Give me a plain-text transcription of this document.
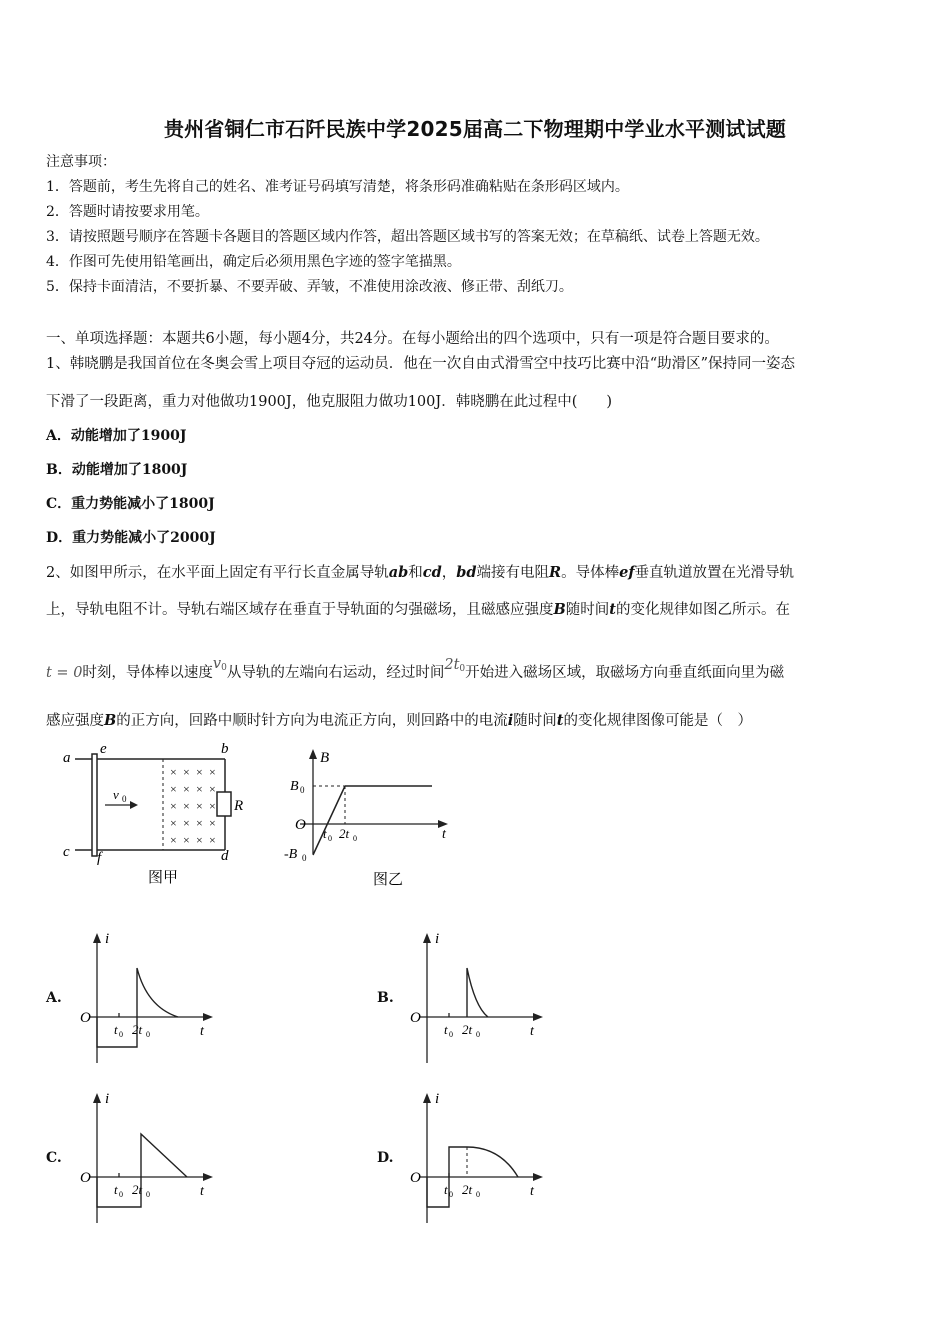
贵州省铜仁市石阡民族中学2025届高二下物理期中学业水平测试试题
注意事项：
1．答题前，考生先将自己的姓名、准考证号码填写清楚，将条形码准确粘贴在条形码区域内。
2．答题时请按要求用笔。
3．请按照题号顺序在答题卡各题目的答题区域内作答，超出答题区域书写的答案无效；在草稿纸、试卷上答题无效。
4．作图可先使用铅笔画出，确定后必须用黑色字迹的签字笔描黑。
5．保持卡面清洁，不要折暴、不要弄破、弄皱，不准使用涂改液、修正带、刮纸刀。
一、单项选择题：本题共6小题，每小题4分，共24分。在每小题给出的四个选项中，只有一项是符合题目要求的。
1、韩晓鹏是我国首位在冬奥会雪上项目夺冠的运动员．他在一次自由式滑雪空中技巧比赛中沿“助滑区”保持同一姿态
下滑了一段距离，重力对他做功1900J，他克服阻力做功100J．韩晓鹏在此过程中(　　)
A．动能增加了1900J
B．动能增加了1800J
C．重力势能减小了1800J
D．重力势能减小了2000J
2、如图甲所示，在水平面上固定有平行长直金属导轨ab和cd，bd端接有电阻R。导体棒ef垂直轨道放置在光滑导轨
上，导轨电阻不计。导轨右端区域存在垂直于导轨面的匀强磁场，且磁感应强度B随时间t的变化规律如图乙所示。在
t = 0时刻，导体棒以速度$v^0$从导轨的左端向右运动，经过时间$2t^0$开始进入磁场区域，取磁场方向垂直纸面向里为磁
感应强度B的正方向，回路中顺时针方向为电流正方向，则回路中的电流i随时间t的变化规律图像可能是（　）
× × × ×
× × × ×
× × × ×
× × × ×
× × × ×
v 0
a
e	b
c f	d
R
图甲
B
B 0
O
-B 0
t 0 2t 0	t
图乙
A.	B.
C.	D.
i
O
t
t 0 2t 0
i
O
t
t 0 2t 0
i
O
t
t 0 2t 0
i
O
t
t 0 2t 0
